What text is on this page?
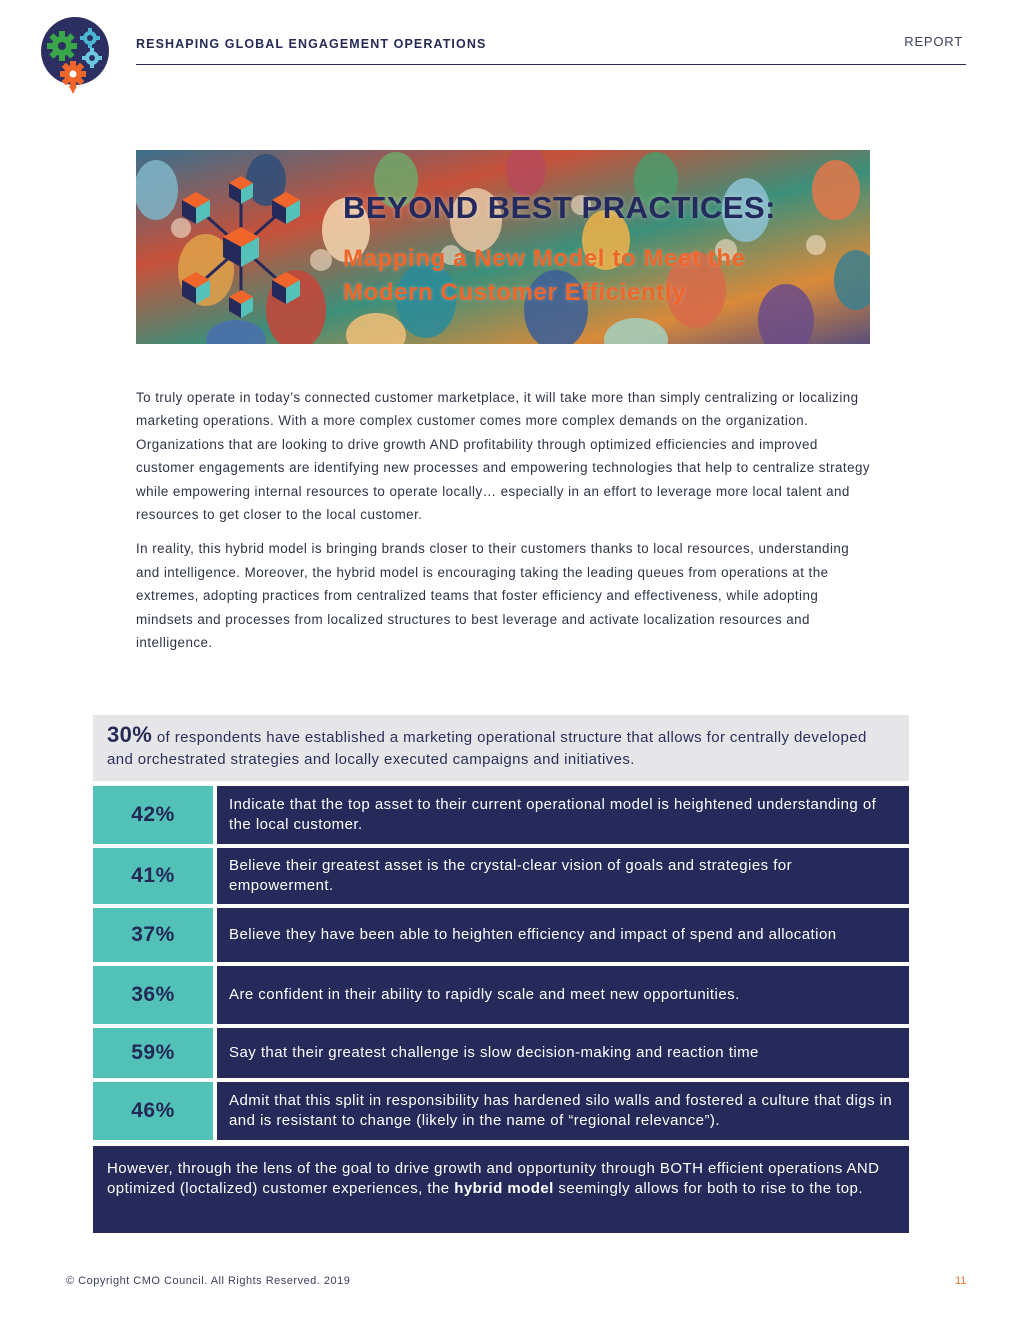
RESHAPING GLOBAL ENGAGEMENT OPERATIONS	REPORT
BEYOND BEST PRACTICES:
Mapping a New Model to Meet the
Modern Customer Efficiently

To truly operate in today’s connected customer marketplace, it will take more than simply centralizing or localizing marketing operations. With a more complex customer comes more complex demands on the organization. Organizations that are looking to drive growth AND profitability through optimized efficiencies and improved customer engagements are identifying new processes and empowering technologies that help to centralize strategy while empowering internal resources to operate locally… especially in an effort to leverage more local talent and resources to get closer to the local customer.

In reality, this hybrid model is bringing brands closer to their customers thanks to local resources, understanding and intelligence. Moreover, the hybrid model is encouraging taking the leading queues from operations at the extremes, adopting practices from centralized teams that foster efficiency and effectiveness, while adopting mindsets and processes from localized structures to best leverage and activate localization resources and intelligence.

30% of respondents have established a marketing operational structure that allows for centrally developed and orchestrated strategies and locally executed campaigns and initiatives.
42%	Indicate that the top asset to their current operational model is heightened understanding of the local customer.
41%	Believe their greatest asset is the crystal-clear vision of goals and strategies for empowerment.
37%	Believe they have been able to heighten efficiency and impact of spend and allocation
36%	Are confident in their ability to rapidly scale and meet new opportunities.
59%	Say that their greatest challenge is slow decision-making and reaction time
46%	Admit that this split in responsibility has hardened silo walls and fostered a culture that digs in and is resistant to change (likely in the name of “regional relevance”).
However, through the lens of the goal to drive growth and opportunity through BOTH efficient operations AND optimized (loctalized) customer experiences, the hybrid model seemingly allows for both to rise to the top.
© Copyright CMO Council. All Rights Reserved. 2019	11
